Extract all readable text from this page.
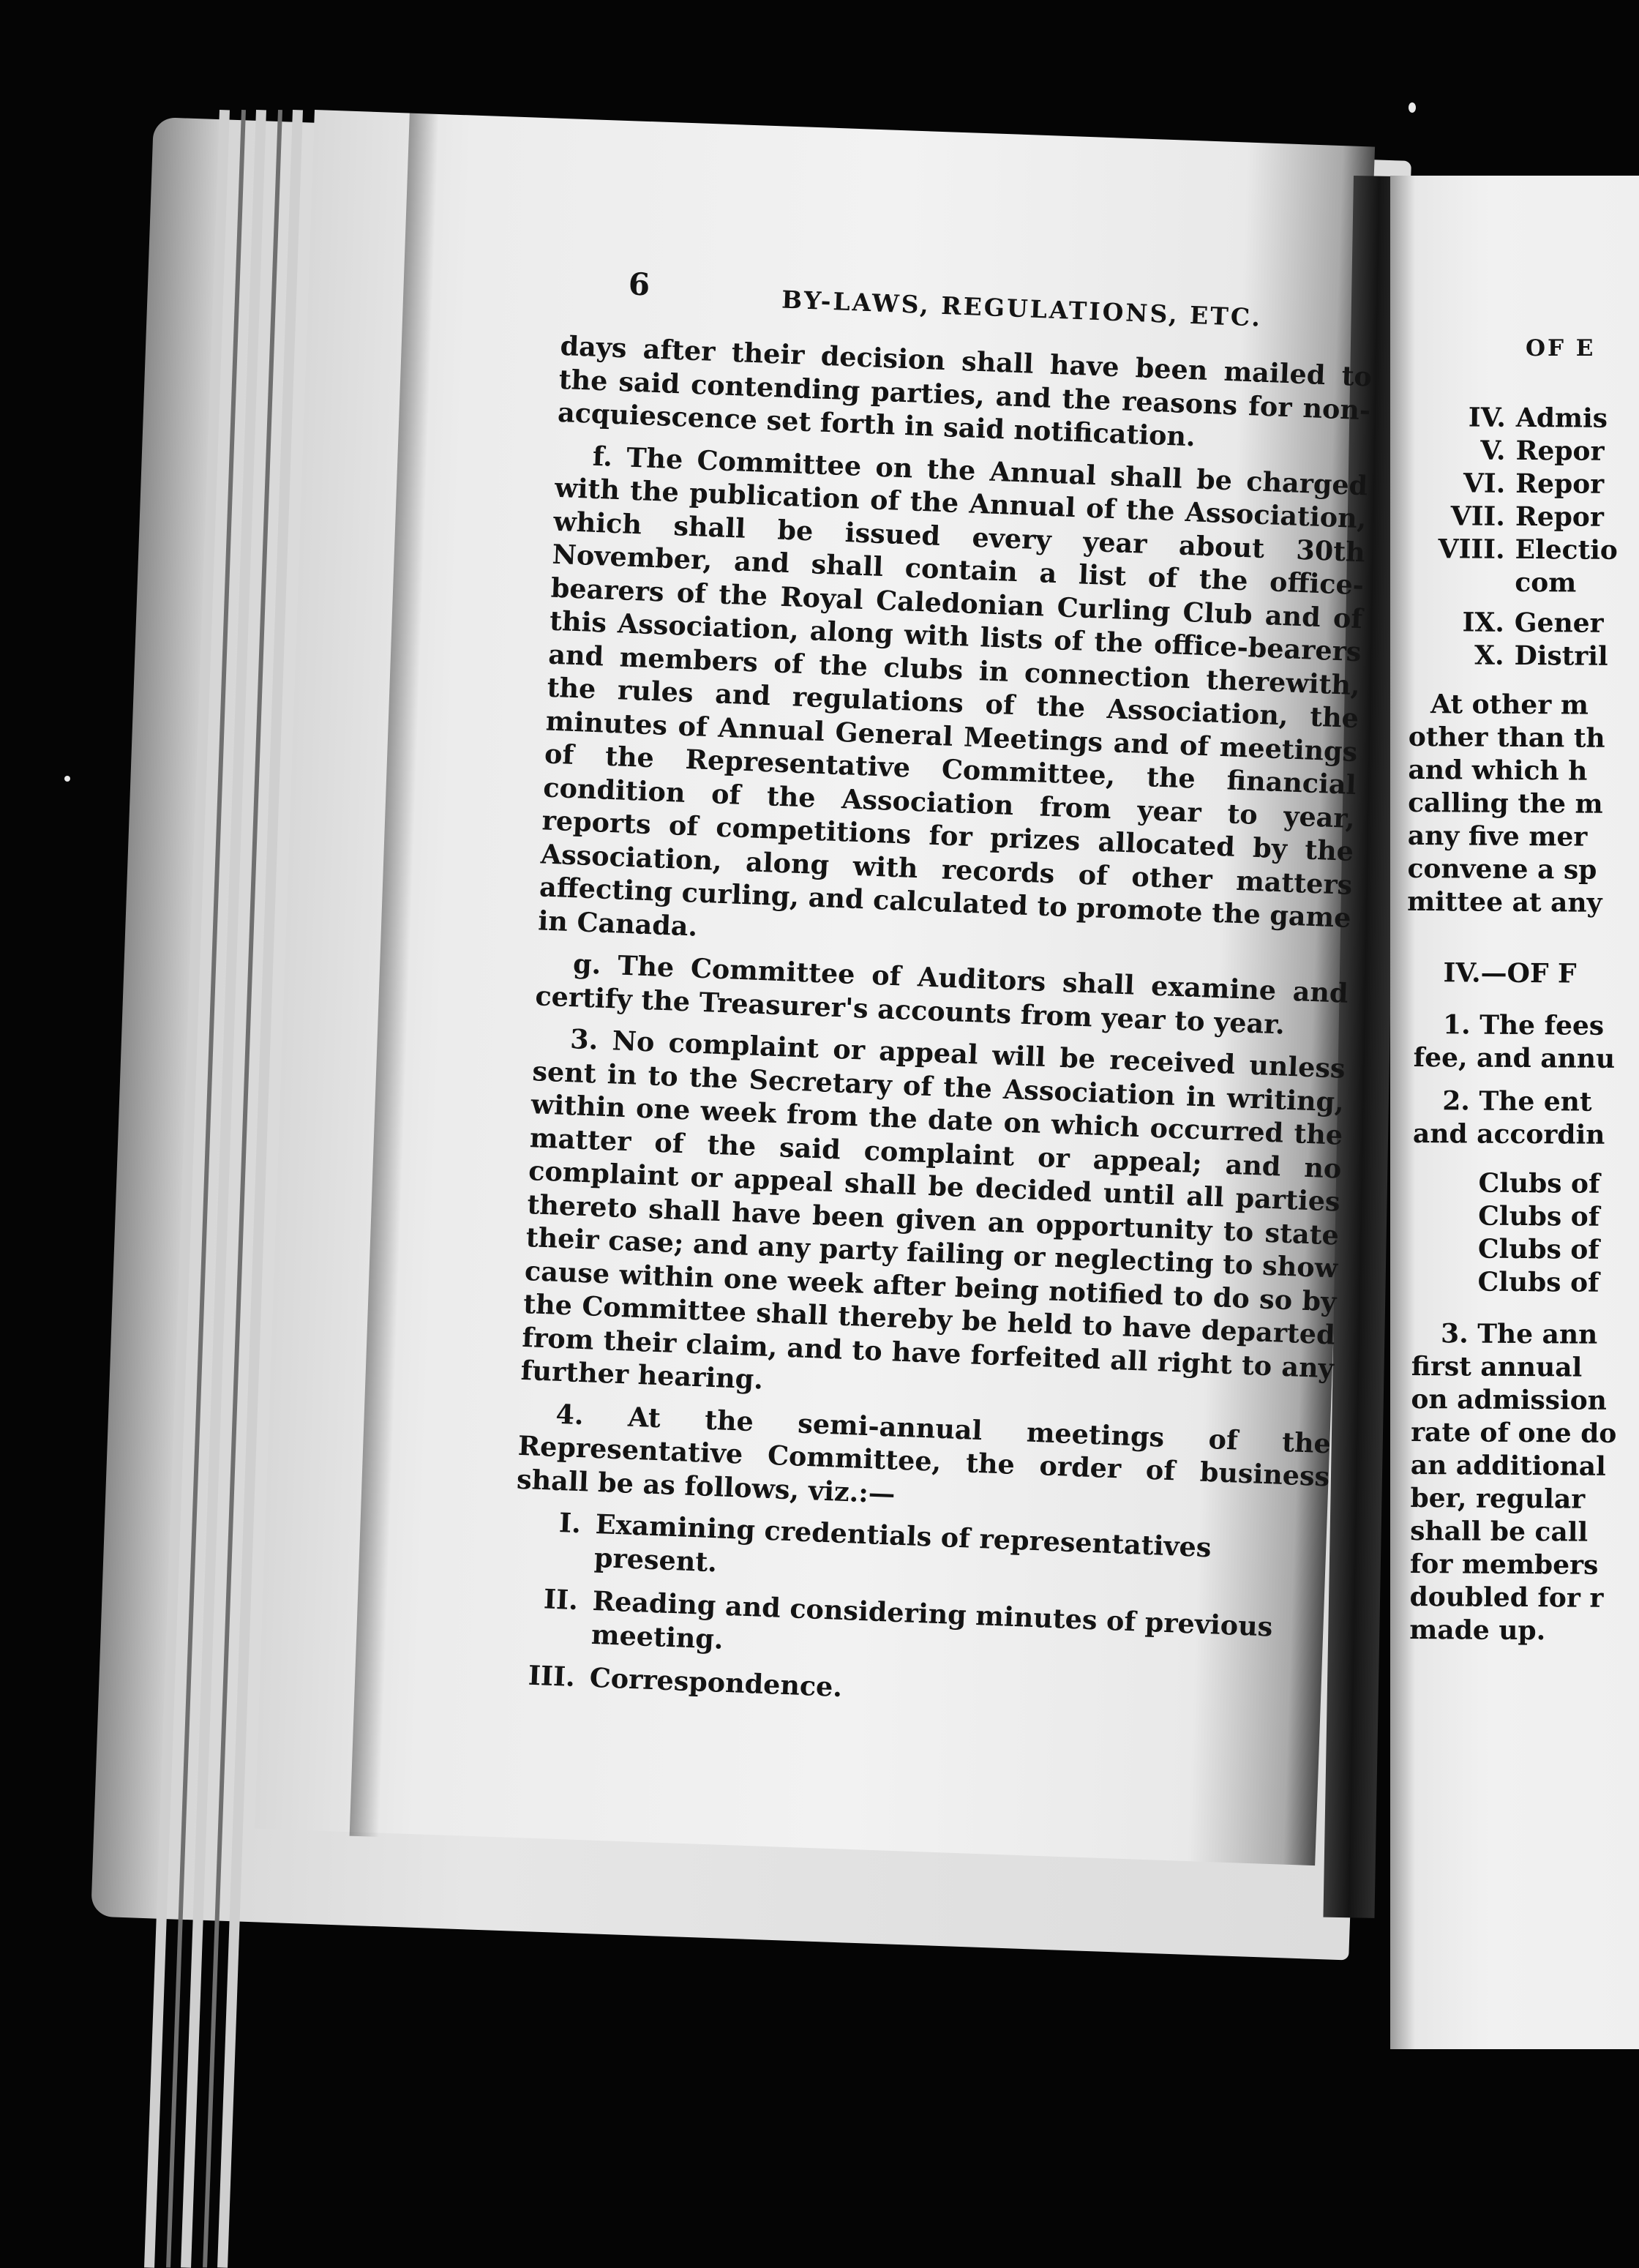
6
BY-LAWS, REGULATIONS, ETC.

days after their decision shall have been mailed to the said contending parties, and the reasons for non-acquiescence set forth in said notification.

f. The Committee on the Annual shall be charged with the publication of the Annual of the Association, which shall be issued every year about 30th November, and shall contain a list of the office-bearers of the Royal Caledonian Curling Club and of this Association, along with lists of the office-bearers and members of the clubs in connection therewith, the rules and regulations of the Association, the minutes of Annual General Meetings and of meetings of the Representative Committee, the financial condition of the Association from year to year, reports of competitions for prizes allocated by the Association, along with records of other matters affecting curling, and calculated to promote the game in Canada.

g. The Committee of Auditors shall examine and certify the Treasurer's accounts from year to year.

3. No complaint or appeal will be received unless sent in to the Secretary of the Association in writing, within one week from the date on which occurred the matter of the said complaint or appeal; and no complaint or appeal shall be decided until all parties thereto shall have been given an opportunity to state their case; and any party failing or neglecting to show cause within one week after being notified to do so by the Committee shall thereby be held to have departed from their claim, and to have forfeited all right to any further hearing.

4. At the semi-annual meetings of the Representative Committee, the order of business shall be as follows, viz.:—

I. Examining credentials of representatives present.
II. Reading and considering minutes of previous meeting.
III. Correspondence.
OF E
IV. Admis
V. Repor
VI. Repor
VII. Repor
VIII. Electio
com
IX. Gener
X. Distril
At other m
other than th
and which h
calling the m
any five mer
convene a sp
mittee at any
IV.—OF F
1. The fees
fee, and annu
2. The ent
and accordin
Clubs of
Clubs of
Clubs of
Clubs of
3. The ann
first annual
on admission
rate of one do
an additional
ber, regular
shall be call
for members
doubled for r
made up.
